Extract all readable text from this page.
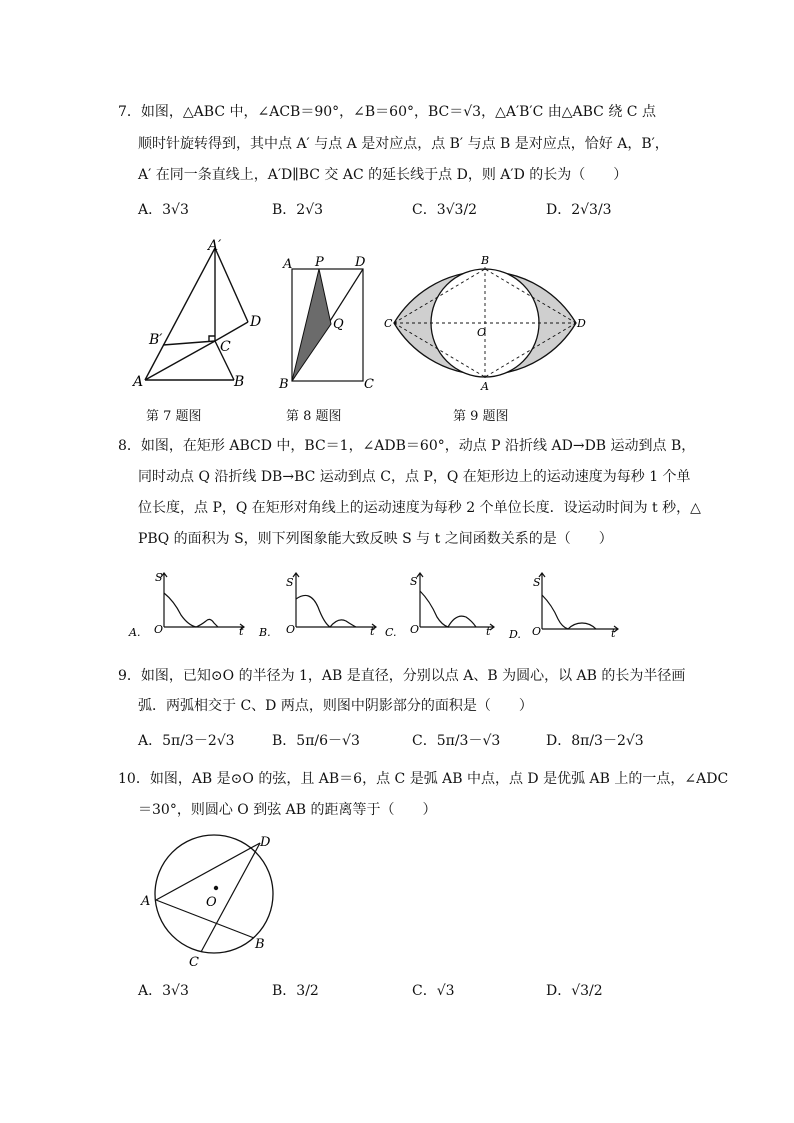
7．如图，△ABC 中，∠ACB＝90°，∠B＝60°，BC＝√3，△A′B′C 由△ABC 绕 C 点
顺时针旋转得到，其中点 A′ 与点 A 是对应点，点 B′ 与点 B 是对应点，恰好 A，B′，
A′ 在同一条直线上，A′D∥BC 交 AC 的延长线于点 D，则 A′D 的长为（　　）
A．3√3	B．2√3	C．3√3/2	D．2√3/3
A′
D
B′	C
A	B
A P D
Q
B	C
B
C
O
D
A
第 7 题图	第 8 题图	第 9 题图
8．如图，在矩形 ABCD 中，BC＝1，∠ADB＝60°，动点 P 沿折线 AD→DB 运动到点 B，
同时动点 Q 沿折线 DB→BC 运动到点 C，点 P，Q 在矩形边上的运动速度为每秒 1 个单
位长度，点 P，Q 在矩形对角线上的运动速度为每秒 2 个单位长度．设运动时间为 t 秒，△
PBQ 的面积为 S，则下列图象能大致反映 S 与 t 之间函数关系的是（　　）
S
O	t
A.
S
O	t
B.
S
O	t
C.
S
O	t
D.
9．如图，已知⊙O 的半径为 1，AB 是直径，分别以点 A、B 为圆心，以 AB 的长为半径画
弧．两弧相交于 C、D 两点，则图中阴影部分的面积是（　　）
A．5π/3－2√3	B．5π/6－√3	C．5π/3－√3	D．8π/3－2√3
10．如图，AB 是⊙O 的弦，且 AB＝6，点 C 是弧 AB 中点，点 D 是优弧 AB 上的一点，∠ADC
＝30°，则圆心 O 到弦 AB 的距离等于（　　）
D
A	O
B
C
A．3√3	B．3/2	C．√3	D．√3/2
